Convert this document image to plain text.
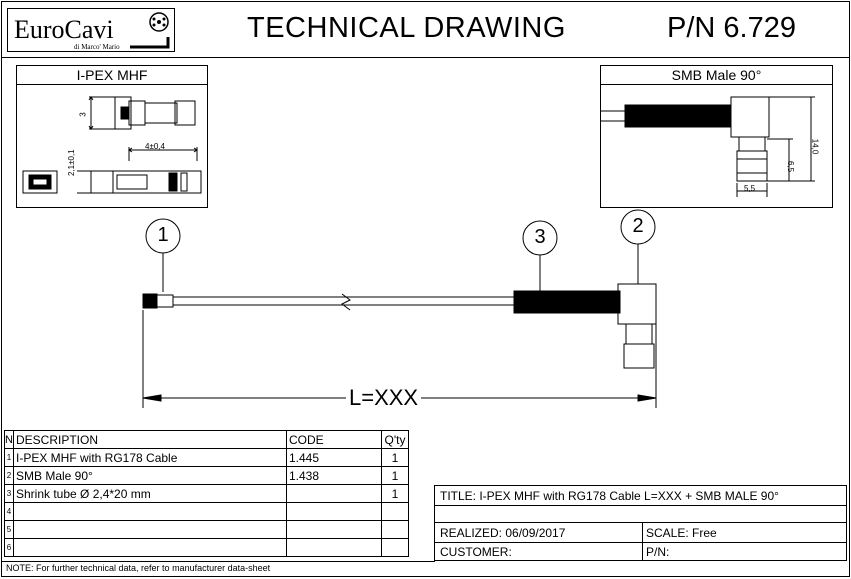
EuroCavi
di Marco' Mario
TECHNICAL DRAWING	P/N 6.729
I-PEX MHF
3
4±0,4
2,1±0,1
SMB Male 90°
14,0
6,5
5,5
1	3	2
L=XXX
N	DESCRIPTION	CODE	Q'ty
1	I-PEX MHF with RG178 Cable	1.445	1
2	SMB Male 90°	1.438	1
3	Shrink tube Ø 2,4*20 mm		1
4			
5			
6			
TITLE: I-PEX MHF with RG178 Cable L=XXX + SMB MALE 90°
REALIZED: 06/09/2017	SCALE: Free
CUSTOMER:	P/N:
NOTE: For further technical data, refer to manufacturer data-sheet
